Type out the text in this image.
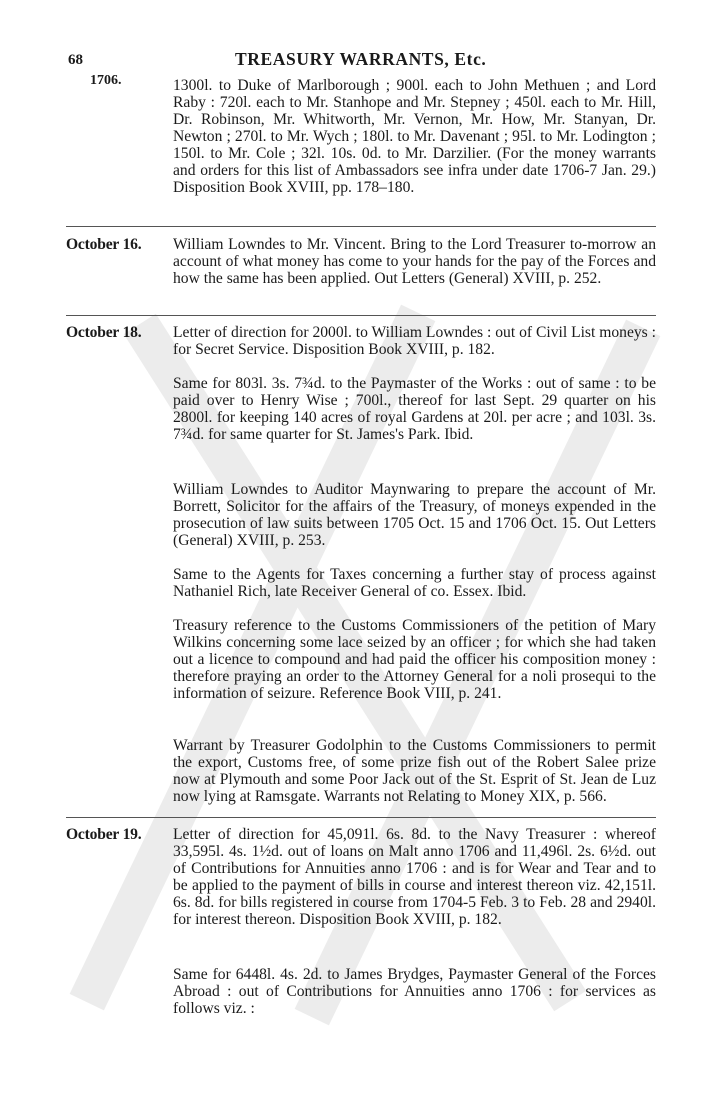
68	TREASURY WARRANTS, Etc.
1706.	1300l. to Duke of Marlborough ; 900l. each to John Methuen ; and Lord Raby : 720l. each to Mr. Stanhope and Mr. Stepney ; 450l. each to Mr. Hill, Dr. Robinson, Mr. Whitworth, Mr. Vernon, Mr. How, Mr. Stanyan, Dr. Newton ; 270l. to Mr. Wych ; 180l. to Mr. Davenant ; 95l. to Mr. Lodington ; 150l. to Mr. Cole ; 32l. 10s. 0d. to Mr. Darzilier. (For the money warrants and orders for this list of Ambassadors see infra under date 1706-7 Jan. 29.) Disposition Book XVIII, pp. 178–180.

October 16. William Lowndes to Mr. Vincent. Bring to the Lord Treasurer to-morrow an account of what money has come to your hands for the pay of the Forces and how the same has been applied. Out Letters (General) XVIII, p. 252.

October 18. Letter of direction for 2000l. to William Lowndes : out of Civil List moneys : for Secret Service. Disposition Book XVIII, p. 182.

Same for 803l. 3s. 7¾d. to the Paymaster of the Works : out of same : to be paid over to Henry Wise ; 700l., thereof for last Sept. 29 quarter on his 2800l. for keeping 140 acres of royal Gardens at 20l. per acre ; and 103l. 3s. 7¾d. for same quarter for St. James's Park. Ibid.

William Lowndes to Auditor Maynwaring to prepare the account of Mr. Borrett, Solicitor for the affairs of the Treasury, of moneys expended in the prosecution of law suits between 1705 Oct. 15 and 1706 Oct. 15. Out Letters (General) XVIII, p. 253.

Same to the Agents for Taxes concerning a further stay of process against Nathaniel Rich, late Receiver General of co. Essex. Ibid.

Treasury reference to the Customs Commissioners of the petition of Mary Wilkins concerning some lace seized by an officer ; for which she had taken out a licence to compound and had paid the officer his composition money : therefore praying an order to the Attorney General for a noli prosequi to the information of seizure. Reference Book VIII, p. 241.

Warrant by Treasurer Godolphin to the Customs Commissioners to permit the export, Customs free, of some prize fish out of the Robert Salee prize now at Plymouth and some Poor Jack out of the St. Esprit of St. Jean de Luz now lying at Ramsgate. Warrants not Relating to Money XIX, p. 566.

October 19. Letter of direction for 45,091l. 6s. 8d. to the Navy Treasurer : whereof 33,595l. 4s. 1½d. out of loans on Malt anno 1706 and 11,496l. 2s. 6½d. out of Contributions for Annuities anno 1706 : and is for Wear and Tear and to be applied to the payment of bills in course and interest thereon viz. 42,151l. 6s. 8d. for bills registered in course from 1704-5 Feb. 3 to Feb. 28 and 2940l. for interest thereon. Disposition Book XVIII, p. 182.

Same for 6448l. 4s. 2d. to James Brydges, Paymaster General of the Forces Abroad : out of Contributions for Annuities anno 1706 : for services as follows viz. :
